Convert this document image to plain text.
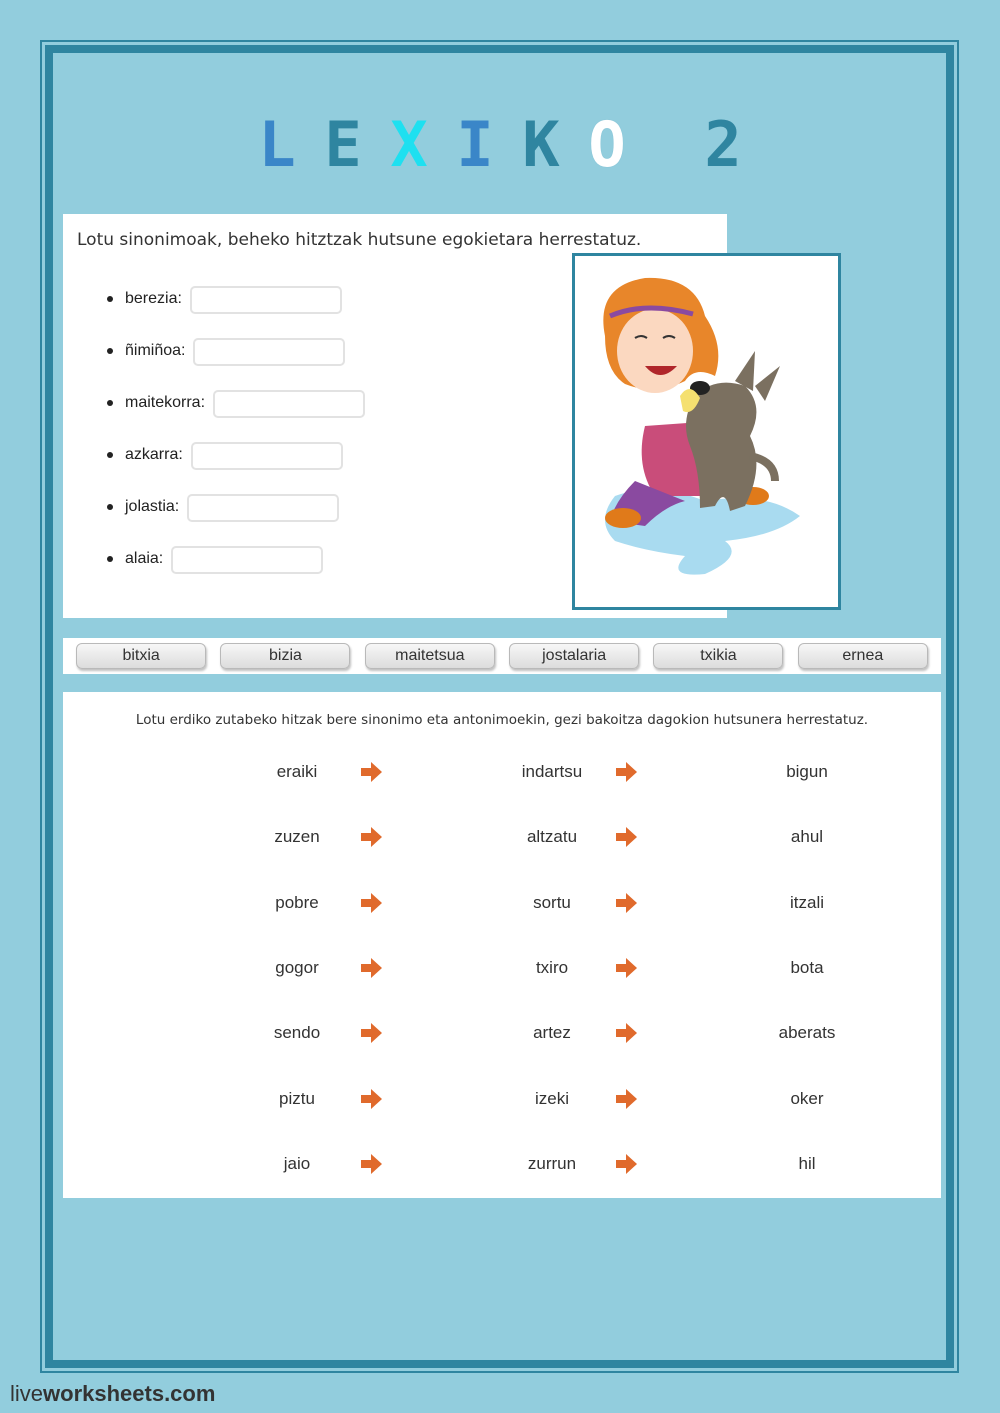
L E X I K O 2
Lotu sinonimoak, beheko hitztzak hutsune egokietara herrestatuz.
berezia:
ñimiñoa:
maitekorra:
azkarra:
jolastia:
alaia:
bitxia	bizia	maitetsua	jostalaria	txikia	ernea
Lotu erdiko zutabeko hitzak bere sinonimo eta antonimoekin, gezi bakoitza dagokion hutsunera herrestatuz.
eraiki	indartsu	bigun
zuzen	altzatu	ahul
pobre	sortu	itzali
gogor	txiro	bota
sendo	artez	aberats
piztu	izeki	oker
jaio	zurrun	hil
liveworksheets.com
